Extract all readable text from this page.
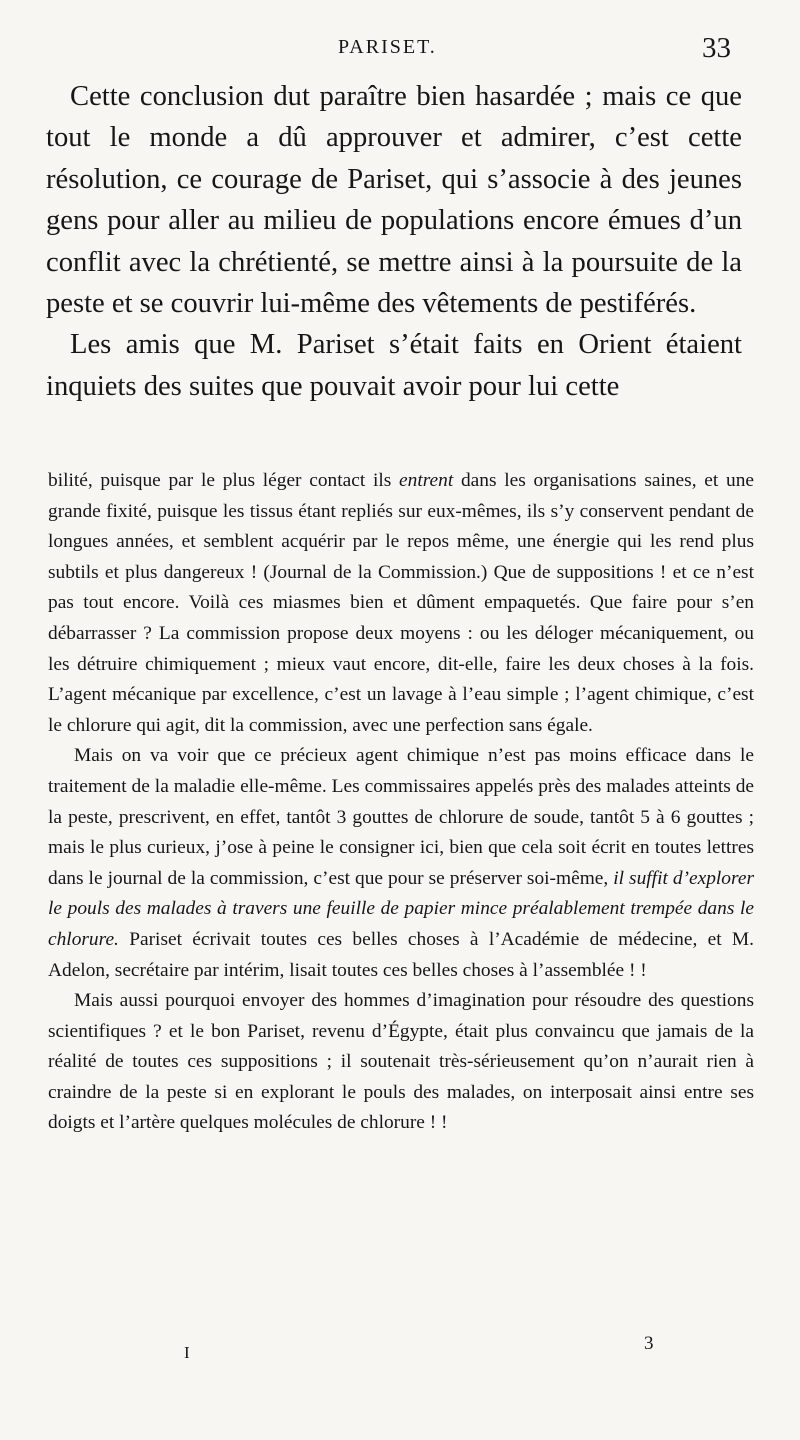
PARISET.	33

Cette conclusion dut paraître bien hasardée ; mais ce que tout le monde a dû approuver et admirer, c’est cette résolution, ce courage de Pariset, qui s’associe à des jeunes gens pour aller au milieu de populations encore émues d’un conflit avec la chrétienté, se mettre ainsi à la poursuite de la peste et se couvrir lui-même des vêtements de pestiférés.

Les amis que M. Pariset s’était faits en Orient étaient inquiets des suites que pouvait avoir pour lui cette

bilité, puisque par le plus léger contact ils entrent dans les organisations saines, et une grande fixité, puisque les tissus étant repliés sur eux-mêmes, ils s’y conservent pendant de longues années, et semblent acquérir par le repos même, une énergie qui les rend plus subtils et plus dangereux ! (Journal de la Commission.) Que de suppositions ! et ce n’est pas tout encore. Voilà ces miasmes bien et dûment empaquetés. Que faire pour s’en débarrasser ? La commission propose deux moyens : ou les déloger mécaniquement, ou les détruire chimiquement ; mieux vaut encore, dit-elle, faire les deux choses à la fois. L’agent mécanique par excellence, c’est un lavage à l’eau simple ; l’agent chimique, c’est le chlorure qui agit, dit la commission, avec une perfection sans égale.

Mais on va voir que ce précieux agent chimique n’est pas moins efficace dans le traitement de la maladie elle-même. Les commissaires appelés près des malades atteints de la peste, prescrivent, en effet, tantôt 3 gouttes de chlorure de soude, tantôt 5 à 6 gouttes ; mais le plus curieux, j’ose à peine le consigner ici, bien que cela soit écrit en toutes lettres dans le journal de la commission, c’est que pour se préserver soi-même, il suffit d’explorer le pouls des malades à travers une feuille de papier mince préalablement trempée dans le chlorure. Pariset écrivait toutes ces belles choses à l’Académie de médecine, et M. Adelon, secrétaire par intérim, lisait toutes ces belles choses à l’assemblée ! !

Mais aussi pourquoi envoyer des hommes d’imagination pour résoudre des questions scientifiques ? et le bon Pariset, revenu d’Égypte, était plus convaincu que jamais de la réalité de toutes ces suppositions ; il soutenait très-sérieusement qu’on n’aurait rien à craindre de la peste si en explorant le pouls des malades, on interposait ainsi entre ses doigts et l’artère quelques molécules de chlorure ! !

I	3
